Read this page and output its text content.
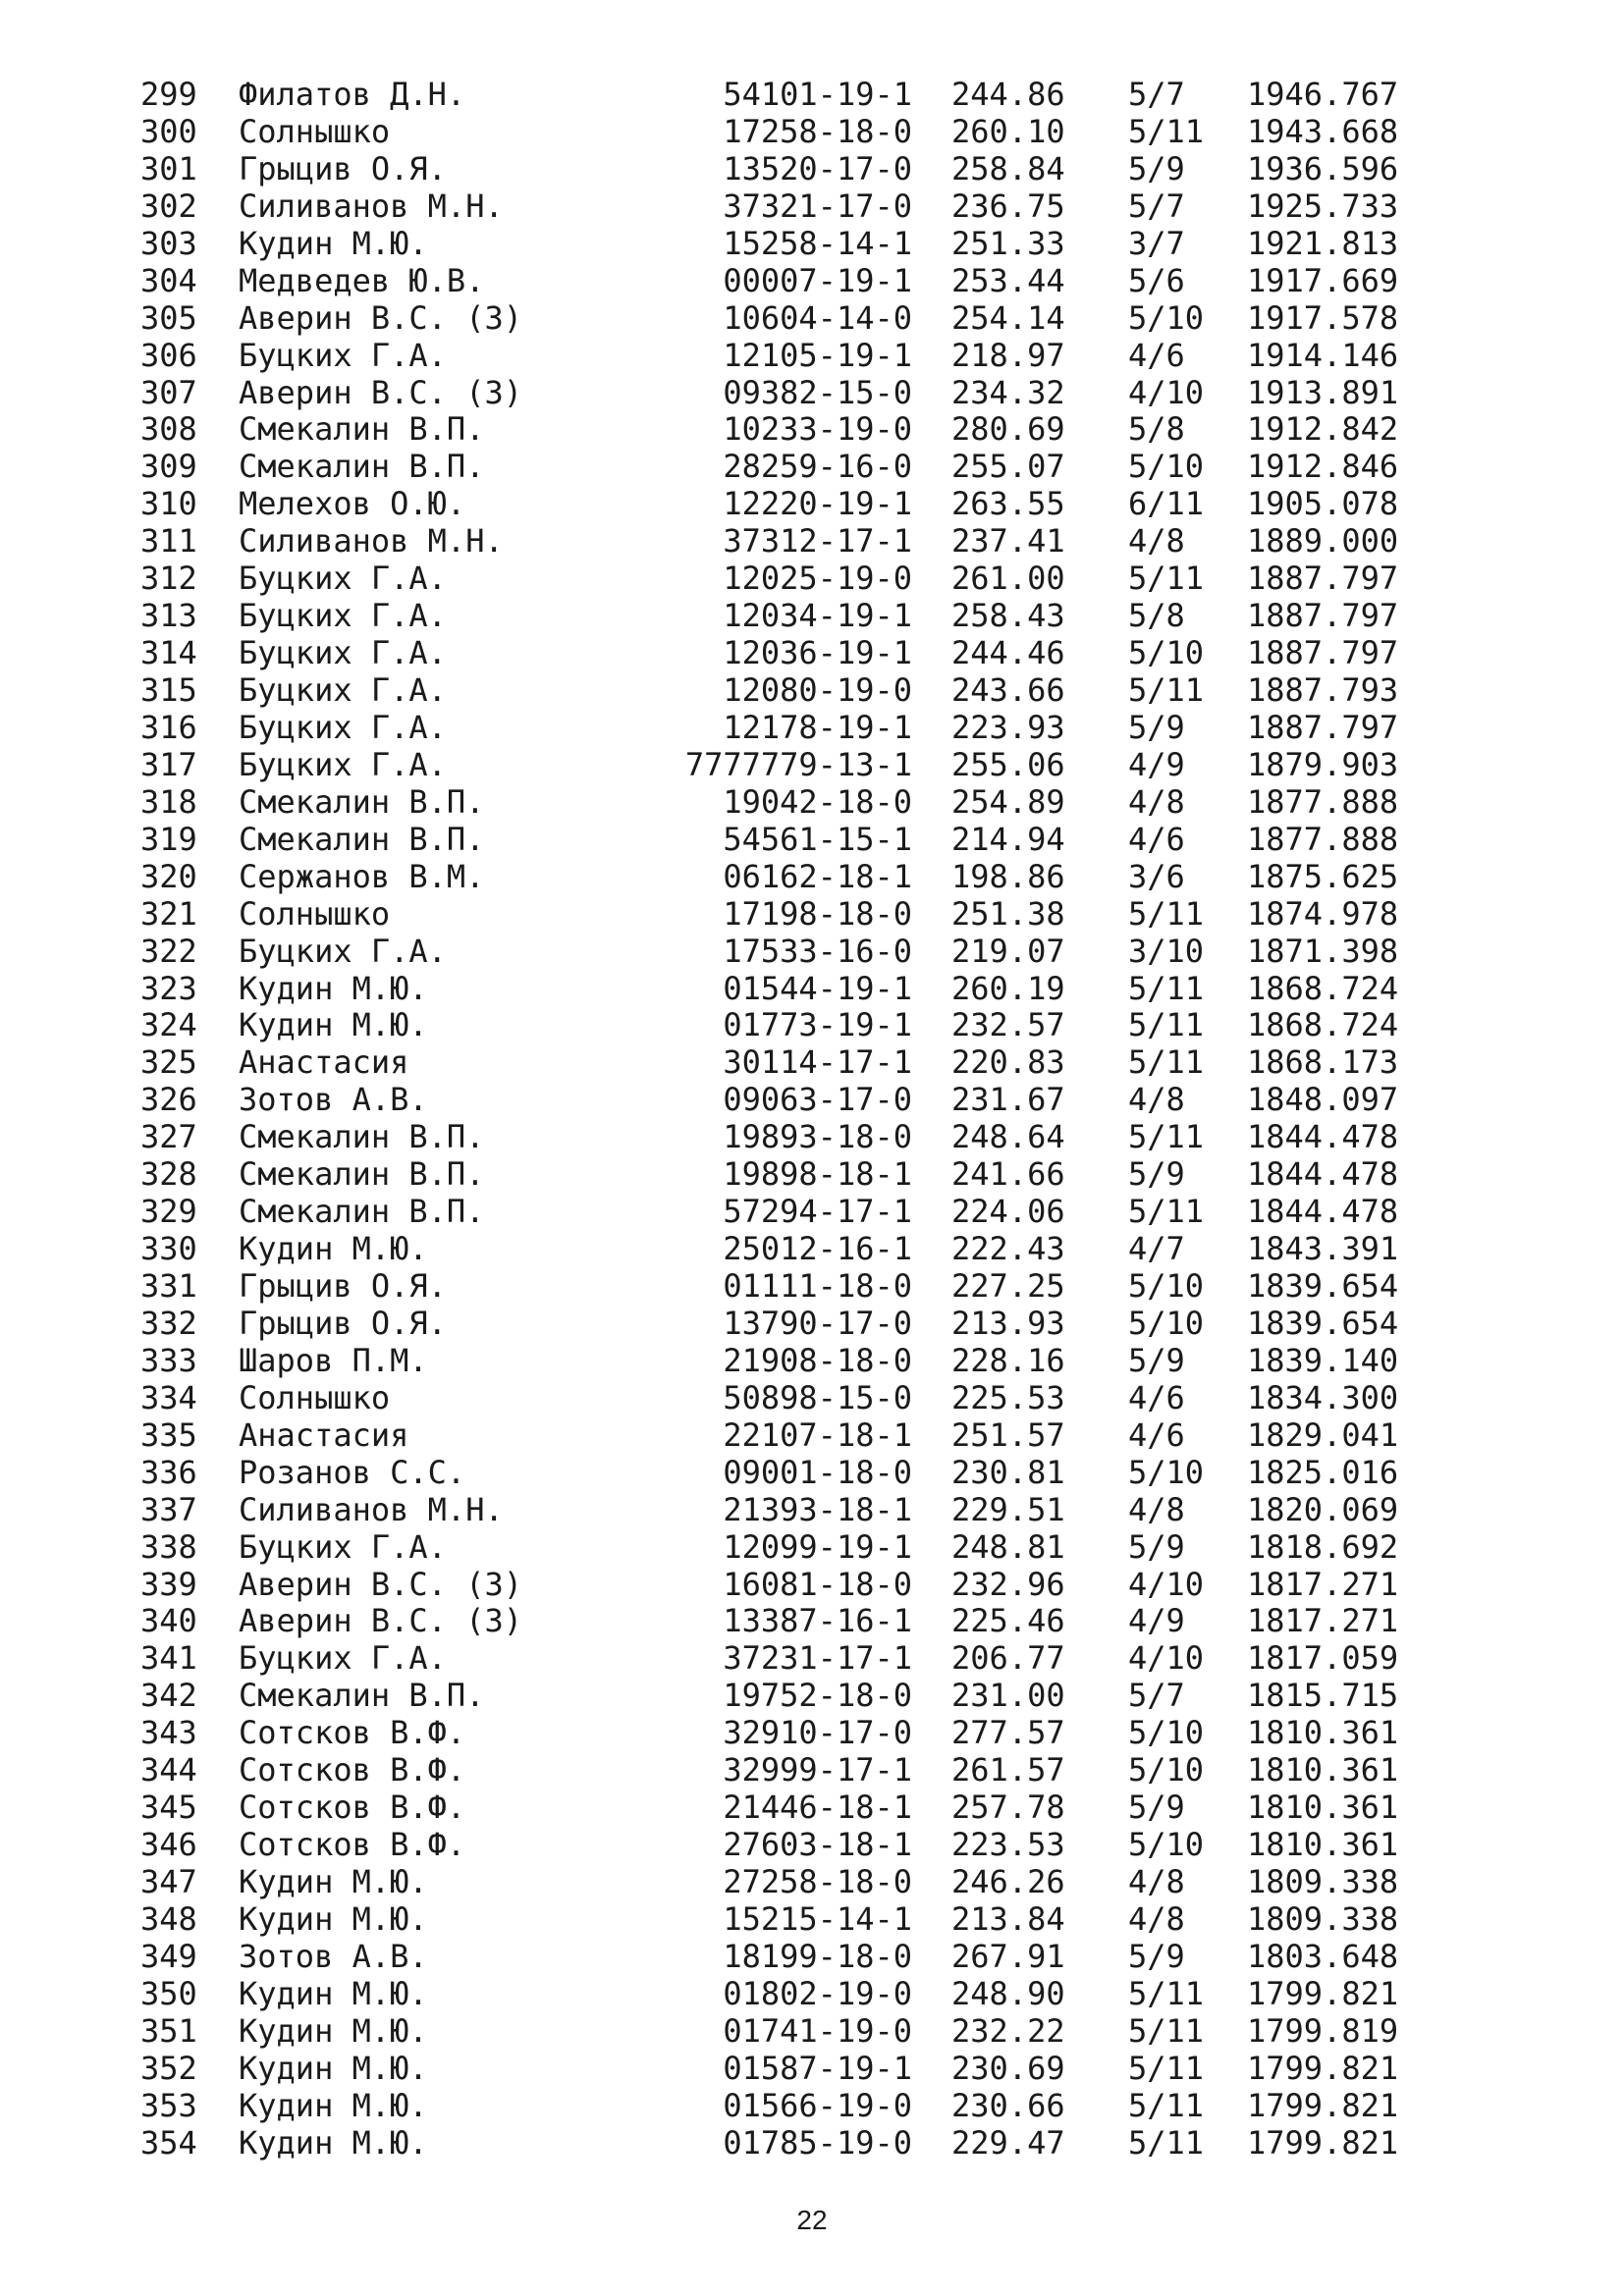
299 Филатов Д.Н.	54101-19-1 244.86 5/7 1946.767
300 Солнышко	17258-18-0 260.10 5/11 1943.668
301 Грыцив О.Я.	13520-17-0 258.84 5/9 1936.596
302 Силиванов М.Н.	37321-17-0 236.75 5/7 1925.733
303 Кудин М.Ю.	15258-14-1 251.33 3/7 1921.813
304 Медведев Ю.В.	00007-19-1 253.44 5/6 1917.669
305 Аверин В.С. (З)	10604-14-0 254.14 5/10 1917.578
306 Буцких Г.А.	12105-19-1 218.97 4/6 1914.146
307 Аверин В.С. (З)	09382-15-0 234.32 4/10 1913.891
308 Смекалин В.П.	10233-19-0 280.69 5/8 1912.842
309 Смекалин В.П.	28259-16-0 255.07 5/10 1912.846
310 Мелехов О.Ю.	12220-19-1 263.55 6/11 1905.078
311 Силиванов М.Н.	37312-17-1 237.41 4/8 1889.000
312 Буцких Г.А.	12025-19-0 261.00 5/11 1887.797
313 Буцких Г.А.	12034-19-1 258.43 5/8 1887.797
314 Буцких Г.А.	12036-19-1 244.46 5/10 1887.797
315 Буцких Г.А.	12080-19-0 243.66 5/11 1887.793
316 Буцких Г.А.	12178-19-1 223.93 5/9 1887.797
317 Буцких Г.А.	7777779-13-1 255.06 4/9 1879.903
318 Смекалин В.П.	19042-18-0 254.89 4/8 1877.888
319 Смекалин В.П.	54561-15-1 214.94 4/6 1877.888
320 Сержанов В.М.	06162-18-1 198.86 3/6 1875.625
321 Солнышко	17198-18-0 251.38 5/11 1874.978
322 Буцких Г.А.	17533-16-0 219.07 3/10 1871.398
323 Кудин М.Ю.	01544-19-1 260.19 5/11 1868.724
324 Кудин М.Ю.	01773-19-1 232.57 5/11 1868.724
325 Анастасия	30114-17-1 220.83 5/11 1868.173
326 Зотов А.В.	09063-17-0 231.67 4/8 1848.097
327 Смекалин В.П.	19893-18-0 248.64 5/11 1844.478
328 Смекалин В.П.	19898-18-1 241.66 5/9 1844.478
329 Смекалин В.П.	57294-17-1 224.06 5/11 1844.478
330 Кудин М.Ю.	25012-16-1 222.43 4/7 1843.391
331 Грыцив О.Я.	01111-18-0 227.25 5/10 1839.654
332 Грыцив О.Я.	13790-17-0 213.93 5/10 1839.654
333 Шаров П.М.	21908-18-0 228.16 5/9 1839.140
334 Солнышко	50898-15-0 225.53 4/6 1834.300
335 Анастасия	22107-18-1 251.57 4/6 1829.041
336 Розанов С.С.	09001-18-0 230.81 5/10 1825.016
337 Силиванов М.Н.	21393-18-1 229.51 4/8 1820.069
338 Буцких Г.А.	12099-19-1 248.81 5/9 1818.692
339 Аверин В.С. (З)	16081-18-0 232.96 4/10 1817.271
340 Аверин В.С. (З)	13387-16-1 225.46 4/9 1817.271
341 Буцких Г.А.	37231-17-1 206.77 4/10 1817.059
342 Смекалин В.П.	19752-18-0 231.00 5/7 1815.715
343 Сотсков В.Ф.	32910-17-0 277.57 5/10 1810.361
344 Сотсков В.Ф.	32999-17-1 261.57 5/10 1810.361
345 Сотсков В.Ф.	21446-18-1 257.78 5/9 1810.361
346 Сотсков В.Ф.	27603-18-1 223.53 5/10 1810.361
347 Кудин М.Ю.	27258-18-0 246.26 4/8 1809.338
348 Кудин М.Ю.	15215-14-1 213.84 4/8 1809.338
349 Зотов А.В.	18199-18-0 267.91 5/9 1803.648
350 Кудин М.Ю.	01802-19-0 248.90 5/11 1799.821
351 Кудин М.Ю.	01741-19-0 232.22 5/11 1799.819
352 Кудин М.Ю.	01587-19-1 230.69 5/11 1799.821
353 Кудин М.Ю.	01566-19-0 230.66 5/11 1799.821
354 Кудин М.Ю.	01785-19-0 229.47 5/11 1799.821
22
